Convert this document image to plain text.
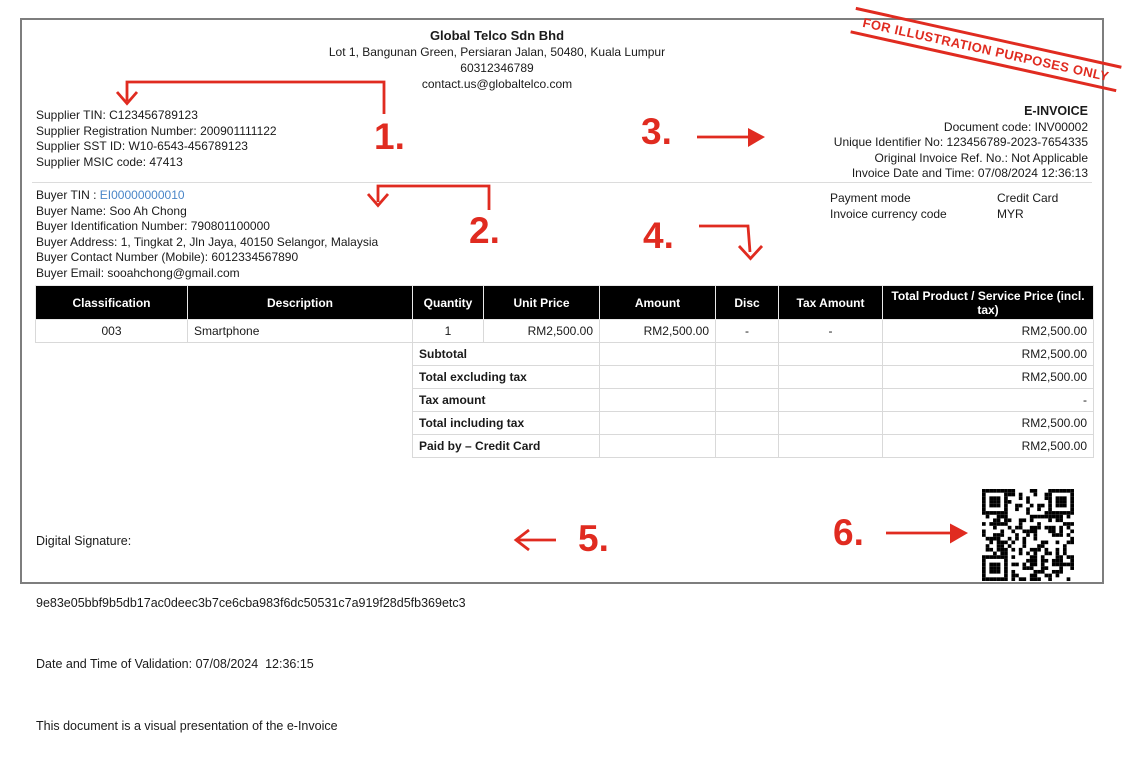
Global Telco Sdn Bhd
Lot 1, Bangunan Green, Persiaran Jalan, 50480, Kuala Lumpur
60312346789
contact.us@globaltelco.com	FOR ILLUSTRATION PURPOSES ONLY
Supplier TIN: C123456789123
Supplier Registration Number: 200901111122
Supplier SST ID: W10-6543-456789123
Supplier MSIC code: 47413
E-INVOICE
Document code: INV00002
Unique Identifier No: 123456789-2023-7654335
Original Invoice Ref. No.: Not Applicable
Invoice Date and Time: 07/08/2024 12:36:13
Buyer TIN : EI00000000010
Buyer Name: Soo Ah Chong
Buyer Identification Number: 790801100000
Buyer Address: 1, Tingkat 2, Jln Jaya, 40150 Selangor, Malaysia
Buyer Contact Number (Mobile): 6012334567890
Buyer Email: sooahchong@gmail.com
Payment mode	Credit Card
Invoice currency code	MYR
Classification	Description	Quantity	Unit Price	Amount	Disc	Tax Amount	Total Product / Service Price (incl. tax)
003	Smartphone	1	RM2,500.00	RM2,500.00	-	-	RM2,500.00
		Subtotal					RM2,500.00
		Total excluding tax					RM2,500.00
		Tax amount					-
		Total including tax					RM2,500.00
		Paid by – Credit Card					RM2,500.00

Digital Signature:

9e83e05bbf9b5db17ac0deec3b7ce6cba983f6dc50531c7a919f28d5fb369etc3

Date and Time of Validation: 07/08/2024  12:36:15

This document is a visual presentation of the e-Invoice

1.
2.
3.
4.
5.	6.
